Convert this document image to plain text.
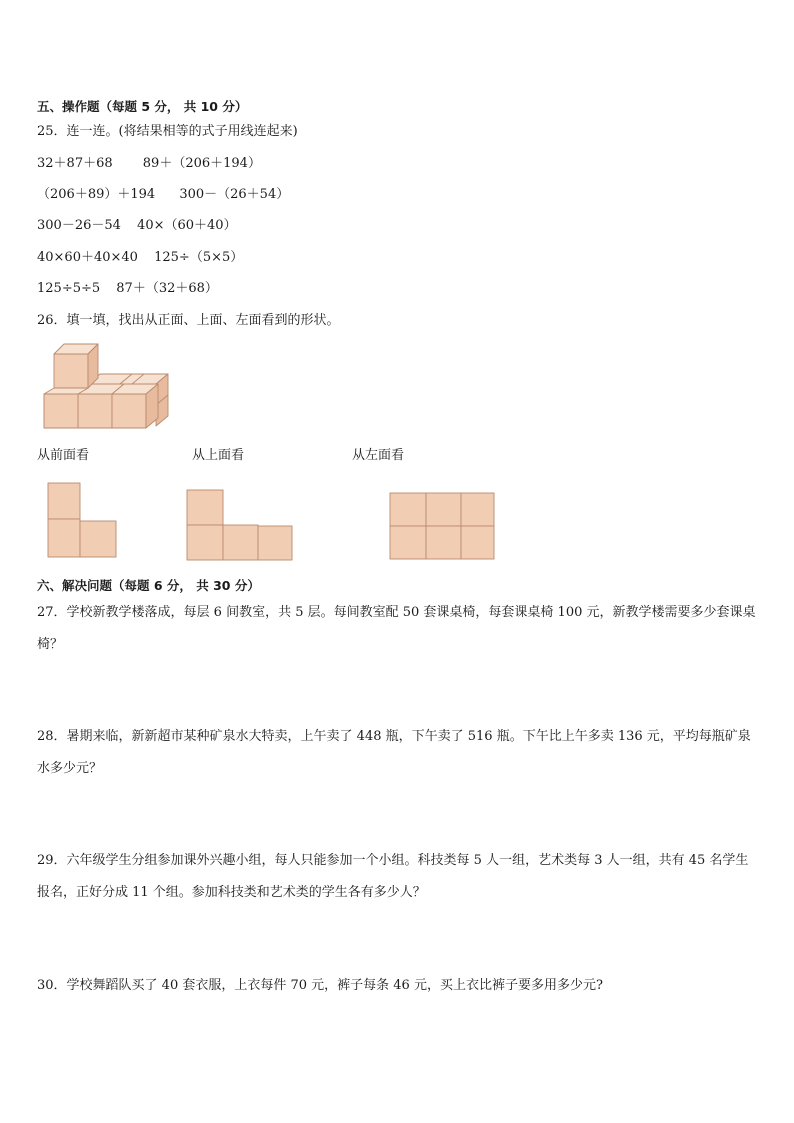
五、操作题（每题 5 分， 共 10 分）
25．连一连。(将结果相等的式子用线连起来)
32＋87＋68 89＋（206＋194）
（206＋89）＋194 300－（26＋54）
300－26－54 40×（60＋40）
40×60＋40×40 125÷（5×5）
125÷5÷5 87＋（32＋68）
26．填一填，找出从正面、上面、左面看到的形状。
从前面看	从上面看	从左面看
六、解决问题（每题 6 分， 共 30 分）
27．学校新教学楼落成，每层 6 间教室，共 5 层。每间教室配 50 套课桌椅，每套课桌椅 100 元，新教学楼需要多少套课桌椅？
28．暑期来临，新新超市某种矿泉水大特卖，上午卖了 448 瓶，下午卖了 516 瓶。下午比上午多卖 136 元，平均每瓶矿泉水多少元？
29．六年级学生分组参加课外兴趣小组，每人只能参加一个小组。科技类每 5 人一组，艺术类每 3 人一组，共有 45 名学生报名，正好分成 11 个组。参加科技类和艺术类的学生各有多少人？
30．学校舞蹈队买了 40 套衣服，上衣每件 70 元，裤子每条 46 元，买上衣比裤子要多用多少元?
